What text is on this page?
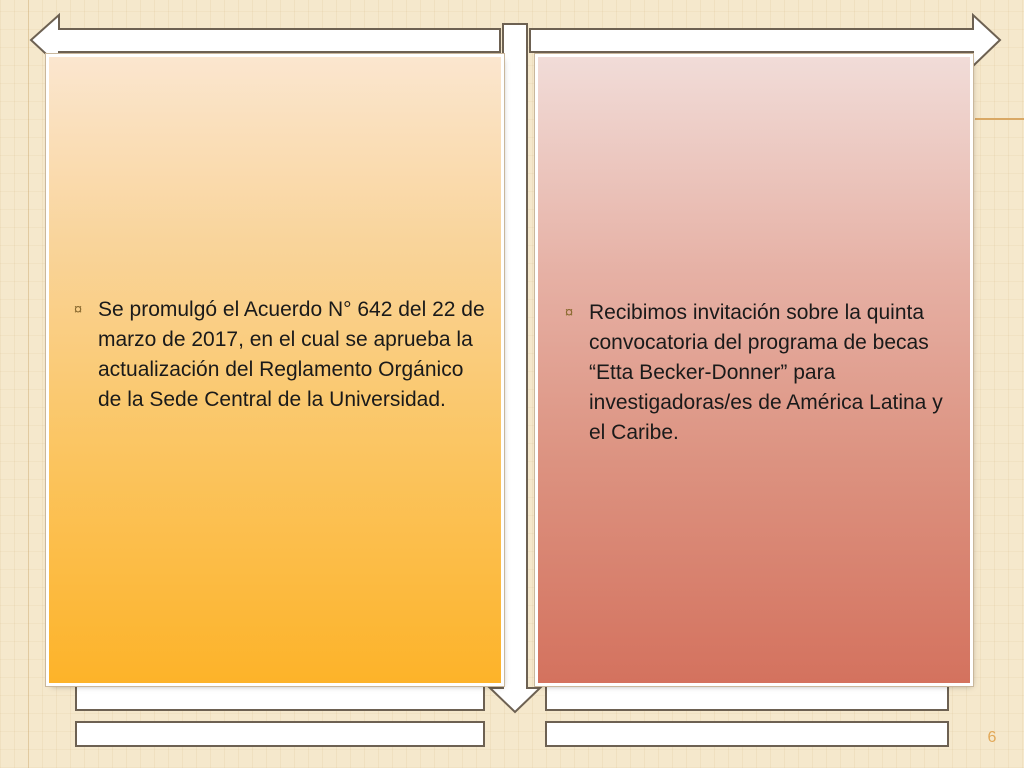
¤ Se promulgó el Acuerdo N° 642 del 22 de marzo de 2017, en el cual se aprueba la actualización del Reglamento Orgánico de la Sede Central de la Universidad.
¤ Recibimos invitación sobre la quinta convocatoria del programa de becas “Etta Becker-Donner” para investigadoras/es de América Latina y el Caribe.
6
